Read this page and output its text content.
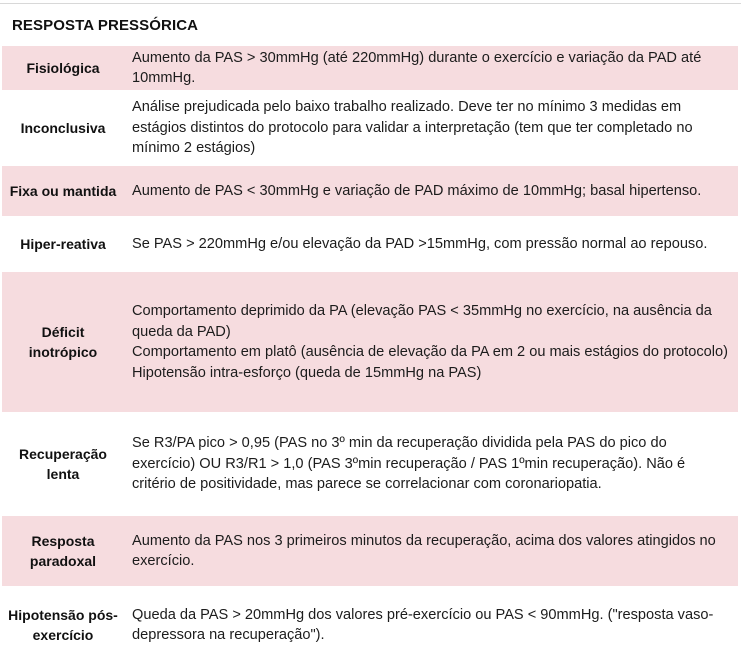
RESPOSTA PRESSÓRICA
Fisiológica
Aumento da PAS > 30mmHg (até 220mmHg) durante o exercício e variação da PAD até 10mmHg.
Inconclusiva
Análise prejudicada pelo baixo trabalho realizado. Deve ter no mínimo 3 medidas em estágios distintos do protocolo para validar a interpretação (tem que ter completado no mínimo 2 estágios)
Fixa ou mantida	Aumento de PAS < 30mmHg e variação de PAD máximo de 10mmHg; basal hipertenso.
Hiper-reativa	Se PAS > 220mmHg e/ou elevação da PAD >15mmHg, com pressão normal ao repouso.
Déficit inotrópico
Comportamento deprimido da PA (elevação PAS < 35mmHg no exercício, na ausência da queda da PAD)
Comportamento em platô (ausência de elevação da PA em 2 ou mais estágios do protocolo)
Hipotensão intra-esforço (queda de 15mmHg na PAS)
Recuperação lenta
Se R3/PA pico > 0,95 (PAS no 3º min da recuperação dividida pela PAS do pico do exercício) OU R3/R1 > 1,0 (PAS 3ºmin recuperação / PAS 1ºmin recuperação). Não é critério de positividade, mas parece se correlacionar com coronariopatia.
Resposta paradoxal
Aumento da PAS nos 3 primeiros minutos da recuperação, acima dos valores atingidos no exercício.
Hipotensão pós-exercício
Queda da PAS > 20mmHg dos valores pré-exercício ou PAS < 90mmHg. ("resposta vaso-depressora na recuperação").
